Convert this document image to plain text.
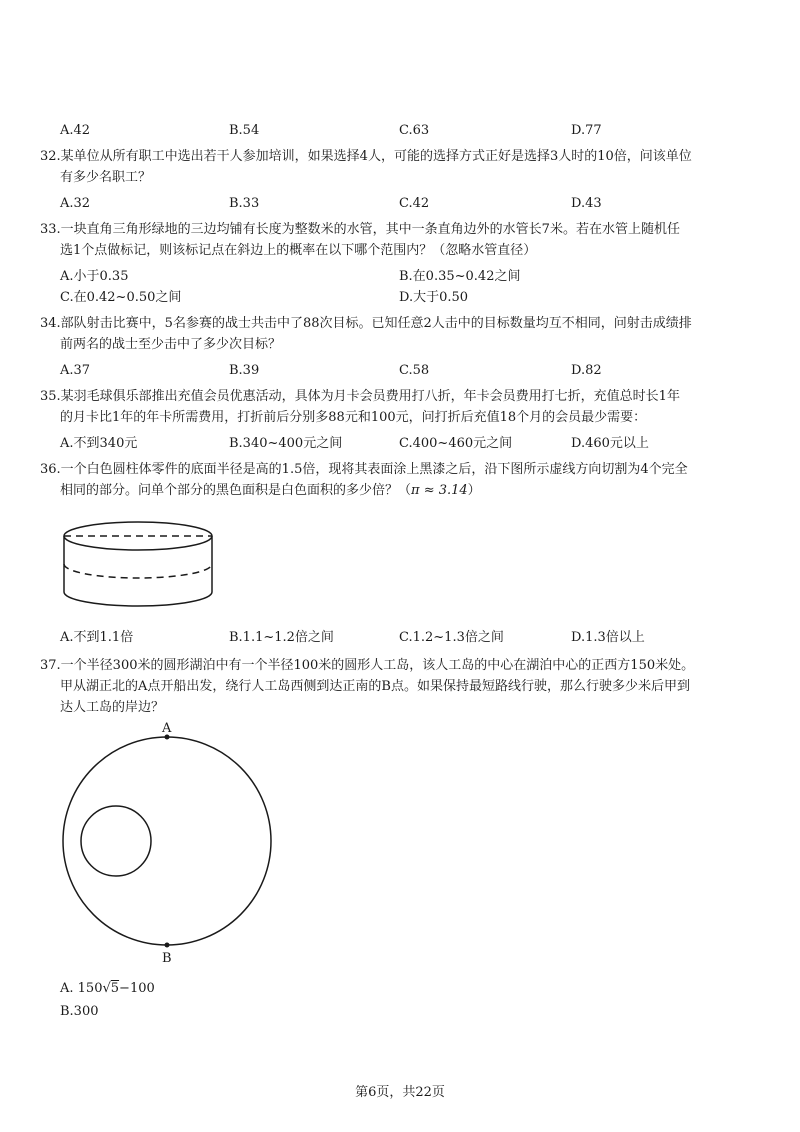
A.42	B.54	C.63	D.77
32.某单位从所有职工中选出若干人参加培训，如果选择4人，可能的选择方式正好是选择3人时的10倍，问该单位
有多少名职工？
A.32	B.33	C.42	D.43
33.一块直角三角形绿地的三边均铺有长度为整数米的水管，其中一条直角边外的水管长7米。若在水管上随机任
选1个点做标记，则该标记点在斜边上的概率在以下哪个范围内？（忽略水管直径）
A.小于0.35	B.在0.35~0.42之间
C.在0.42~0.50之间	D.大于0.50
34.部队射击比赛中，5名参赛的战士共击中了88次目标。已知任意2人击中的目标数量均互不相同，问射击成绩排
前两名的战士至少击中了多少次目标？
A.37	B.39	C.58	D.82
35.某羽毛球俱乐部推出充值会员优惠活动，具体为月卡会员费用打八折，年卡会员费用打七折，充值总时长1年
的月卡比1年的年卡所需费用，打折前后分别多88元和100元，问打折后充值18个月的会员最少需要：
A.不到340元	B.340~400元之间	C.400~460元之间	D.460元以上
36.一个白色圆柱体零件的底面半径是高的1.5倍，现将其表面涂上黑漆之后，沿下图所示虚线方向切割为4个完全
相同的部分。问单个部分的黑色面积是白色面积的多少倍？（π ≈ 3.14）
A.不到1.1倍	B.1.1~1.2倍之间	C.1.2~1.3倍之间	D.1.3倍以上
37.一个半径300米的圆形湖泊中有一个半径100米的圆形人工岛，该人工岛的中心在湖泊中心的正西方150米处。
甲从湖正北的A点开船出发，绕行人工岛西侧到达正南的B点。如果保持最短路线行驶，那么行驶多少米后甲到
达人工岛的岸边？
A
B
A. 150√5−100
B.300
第6页，共22页
